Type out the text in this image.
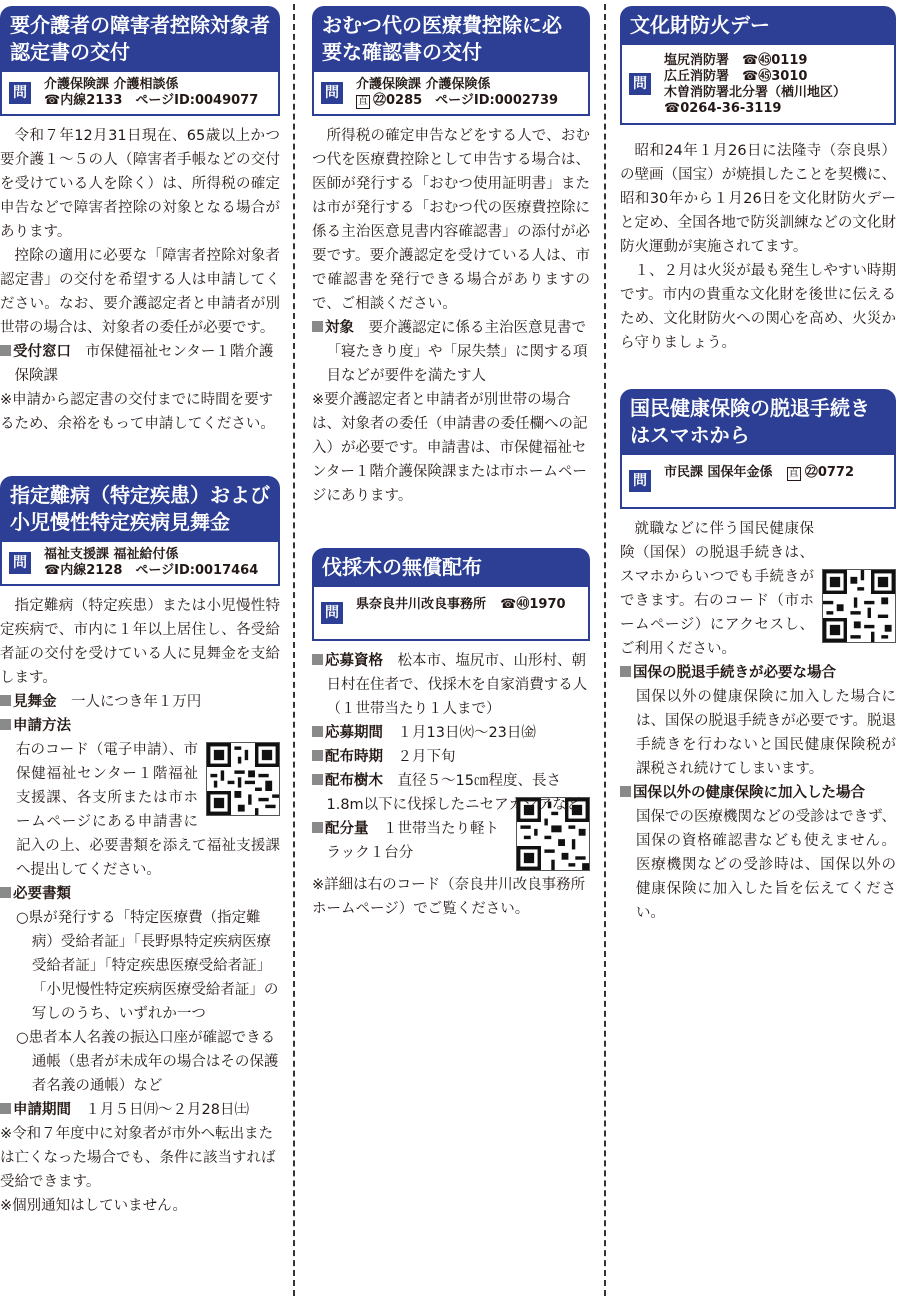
要介護者の障害者控除対象者認定書の交付
問
介護保険課 介護相談係
☎内線2133　ページID:0049077

令和７年12月31日現在、65歳以上かつ要介護１～５の人（障害者手帳などの交付を受けている人を除く）は、所得税の確定申告などで障害者控除の対象となる場合があります。

控除の適用に必要な「障害者控除対象者認定書」の交付を希望する人は申請してください。なお、要介護認定者と申請者が別世帯の場合は、対象者の委任が必要です。

受付窓口　 市保健福祉センター１階介護保険課

※申請から認定書の交付までに時間を要するため、余裕をもって申請してください。

指定難病（特定疾患）および小児慢性特定疾病見舞金
問
福祉支援課 福祉給付係
☎内線2128　ページID:0017464

指定難病（特定疾患）または小児慢性特定疾病で、市内に１年以上居住し、各受給者証の交付を受けている人に見舞金を支給します。

見舞金　 一人につき年１万円

申請方法

右のコード（電子申請）、市保健福祉センター１階福祉支援課、各支所または市ホームページにある申請書に記入の上、必要書類を添えて福祉支援課へ提出してください。

必要書類

○県が発行する「特定医療費（指定難病）受給者証」「長野県特定疾病医療受給者証」「特定疾患医療受給者証」「小児慢性特定疾病医療受給者証」の写しのうち、いずれか一つ

○患者本人名義の振込口座が確認できる通帳（患者が未成年の場合はその保護者名義の通帳）など

申請期間　 １月５日㈪～２月28日㈯

※令和７年度中に対象者が市外へ転出または亡くなった場合でも、条件に該当すれば受給できます。

※個別通知はしていません。

おむつ代の医療費控除に必要な確認書の交付
問
介護保険課 介護保険係
直 ㉒0285　ページID:0002739

所得税の確定申告などをする人で、おむつ代を医療費控除として申告する場合は、医師が発行する「おむつ使用証明書」または市が発行する「おむつ代の医療費控除に係る主治医意見書内容確認書」の添付が必要です。要介護認定を受けている人は、市で確認書を発行できる場合がありますので、ご相談ください。

対象　 要介護認定に係る主治医意見書で「寝たきり度」や「尿失禁」に関する項目などが要件を満たす人

※要介護認定者と申請者が別世帯の場合は、対象者の委任（申請書の委任欄への記入）が必要です。申請書は、市保健福祉センター１階介護保険課または市ホームページにあります。

伐採木の無償配布
問
県奈良井川改良事務所 ☎㊵1970

応募資格　 松本市、塩尻市、山形村、朝日村在住者で、伐採木を自家消費する人（１世帯当たり１人まで）

応募期間　 １月13日㈫～23日㈮

配布時期　 ２月下旬

配布樹木　 直径５～15㎝程度、長さ1.8m以下に伐採したニセアカシアなど

配分量　 １世帯当たり軽トラック１台分

※詳細は右のコード（奈良井川改良事務所ホームページ）でご覧ください。

文化財防火デー
問
塩尻消防署　 ☎㊺0119
広丘消防署　 ☎㊺3010
木曽消防署北分署（楢川地区）
☎0264-36-3119

昭和24年１月26日に法隆寺（奈良県）の壁画（国宝）が焼損したことを契機に、昭和30年から１月26日を文化財防火デーと定め、全国各地で防災訓練などの文化財防火運動が実施されてます。

１、２月は火災が最も発生しやすい時期です。市内の貴重な文化財を後世に伝えるため、文化財防火への関心を高め、火災から守りましょう。

国民健康保険の脱退手続きはスマホから
問
市民課 国保年金係 直 ㉒0772

就職などに伴う国民健康保険（国保）の脱退手続きは、スマホからいつでも手続きができます。右のコード（市ホームページ）にアクセスし、ご利用ください。

国保の脱退手続きが必要な場合

国保以外の健康保険に加入した場合には、国保の脱退手続きが必要です。脱退手続きを行わないと国民健康保険税が課税され続けてしまいます。

国保以外の健康保険に加入した場合

国保での医療機関などの受診はできず、国保の資格確認書なども使えません。医療機関などの受診時は、国保以外の健康保険に加入した旨を伝えてください。
